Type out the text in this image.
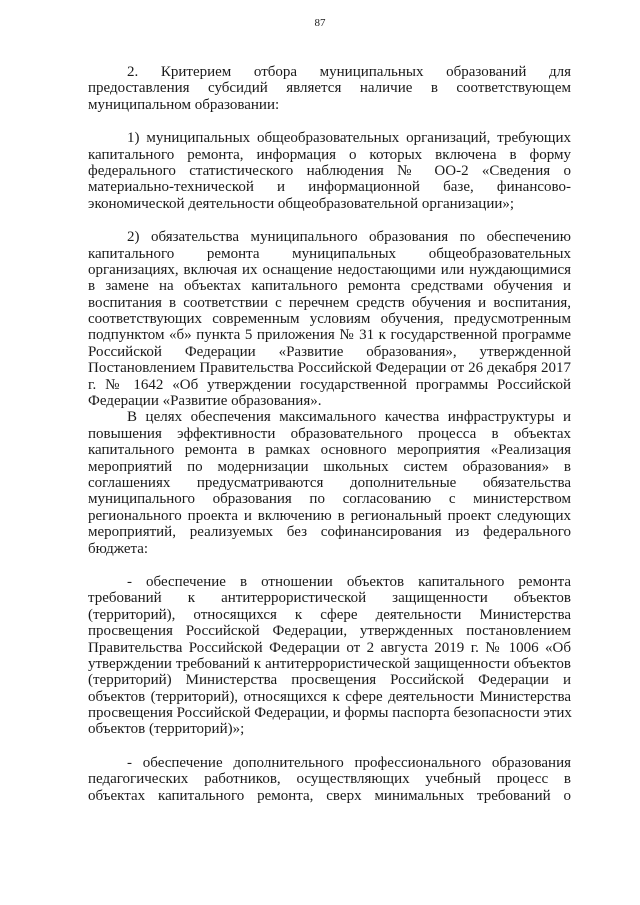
87
2. Критерием отбора муниципальных образований для
предоставления субсидий является наличие в соответствующем
муниципальном образовании:
1) муниципальных общеобразовательных организаций, требующих
капитального ремонта, информация о которых включена в форму
федерального статистического наблюдения № ОО-2 «Сведения о
материально-технической и информационной базе, финансово-
экономической деятельности общеобразовательной организации»;
2) обязательства муниципального образования по обеспечению
капитального ремонта муниципальных общеобразовательных
организациях, включая их оснащение недостающими или нуждающимися
в замене на объектах капитального ремонта средствами обучения и
воспитания в соответствии с перечнем средств обучения и воспитания,
соответствующих современным условиям обучения, предусмотренным
подпунктом «б» пункта 5 приложения № 31 к государственной программе
Российской Федерации «Развитие образования», утвержденной
Постановлением Правительства Российской Федерации от 26 декабря 2017
г. № 1642 «Об утверждении государственной программы Российской
Федерации «Развитие образования».
В целях обеспечения максимального качества инфраструктуры и
повышения эффективности образовательного процесса в объектах
капитального ремонта в рамках основного мероприятия «Реализация
мероприятий по модернизации школьных систем образования» в
соглашениях предусматриваются дополнительные обязательства
муниципального образования по согласованию с министерством
регионального проекта и включению в региональный проект следующих
мероприятий, реализуемых без софинансирования из федерального
бюджета:
- обеспечение в отношении объектов капитального ремонта
требований к антитеррористической защищенности объектов
(территорий), относящихся к сфере деятельности Министерства
просвещения Российской Федерации, утвержденных постановлением
Правительства Российской Федерации от 2 августа 2019 г. № 1006 «Об
утверждении требований к антитеррористической защищенности объектов
(территорий) Министерства просвещения Российской Федерации и
объектов (территорий), относящихся к сфере деятельности Министерства
просвещения Российской Федерации, и формы паспорта безопасности этих
объектов (территорий)»;
- обеспечение дополнительного профессионального образования
педагогических работников, осуществляющих учебный процесс в
объектах капитального ремонта, сверх минимальных требований о
